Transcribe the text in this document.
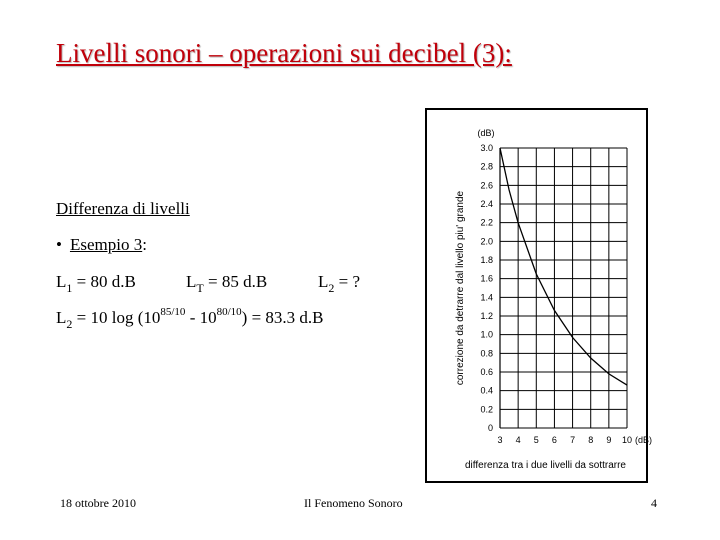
Livelli sonori – operazioni sui decibel (3):
Differenza di livelli
• Esempio 3:
$L_1 = 80$ d.B	$L_T = 85$ d.B	$L_2$ = ?
$L_2 = 10$ $\log (10^{85/10} - 10^{80/10}) = 83.3$ d.B
3 4 5 6 7 8 9 10 (dB)
3.0
2.8
2.6
2.4
2.2
2.0
1.8
1.6
1.4
1.2
1.0
0.8
0.6
0.4
0.2
0
(dB)
correzione da detrarre dal livello piu' grande
differenza tra i due livelli da sottrarre
18 ottobre 2010	Il Fenomeno Sonoro	4
